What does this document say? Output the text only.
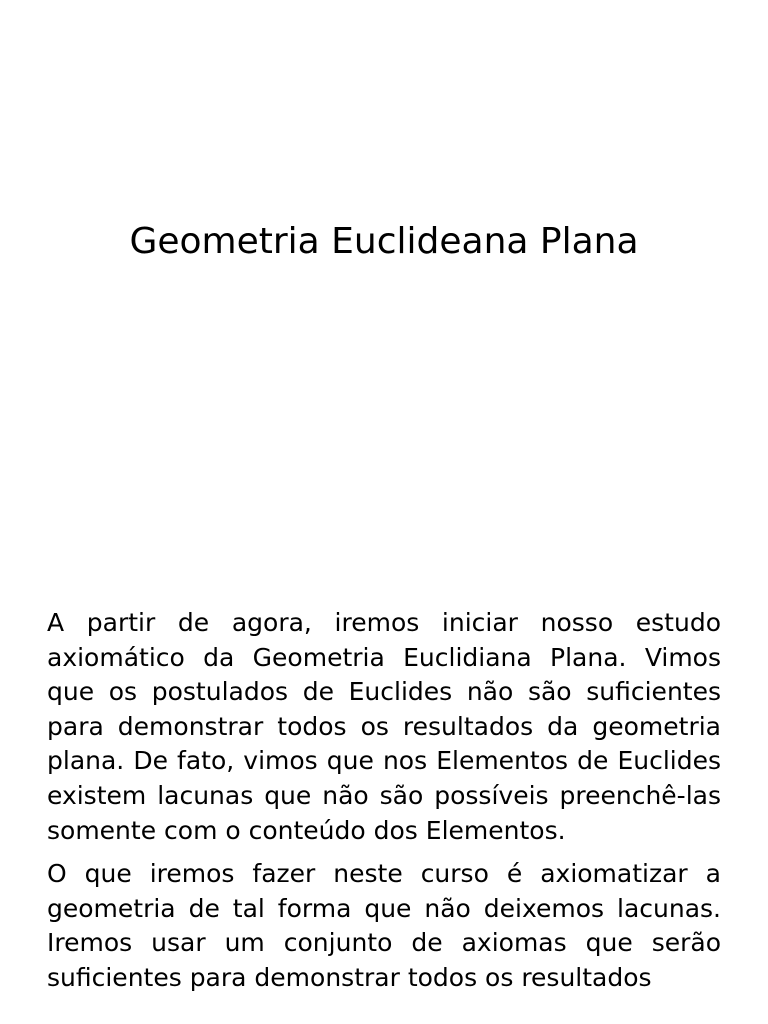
Geometria Euclideana Plana

A partir de agora, iremos iniciar nosso estudo axiomático da Geometria Euclidiana Plana. Vimos que os postulados de Euclides não são suficientes para demonstrar todos os resultados da geometria plana. De fato, vimos que nos Elementos de Euclides existem lacunas que não são possíveis preenchê-las somente com o conteúdo dos Elementos.

O que iremos fazer neste curso é axiomatizar a geometria de tal forma que não deixemos lacunas. Iremos usar um conjunto de axiomas que serão suficientes para demonstrar todos os resultados
